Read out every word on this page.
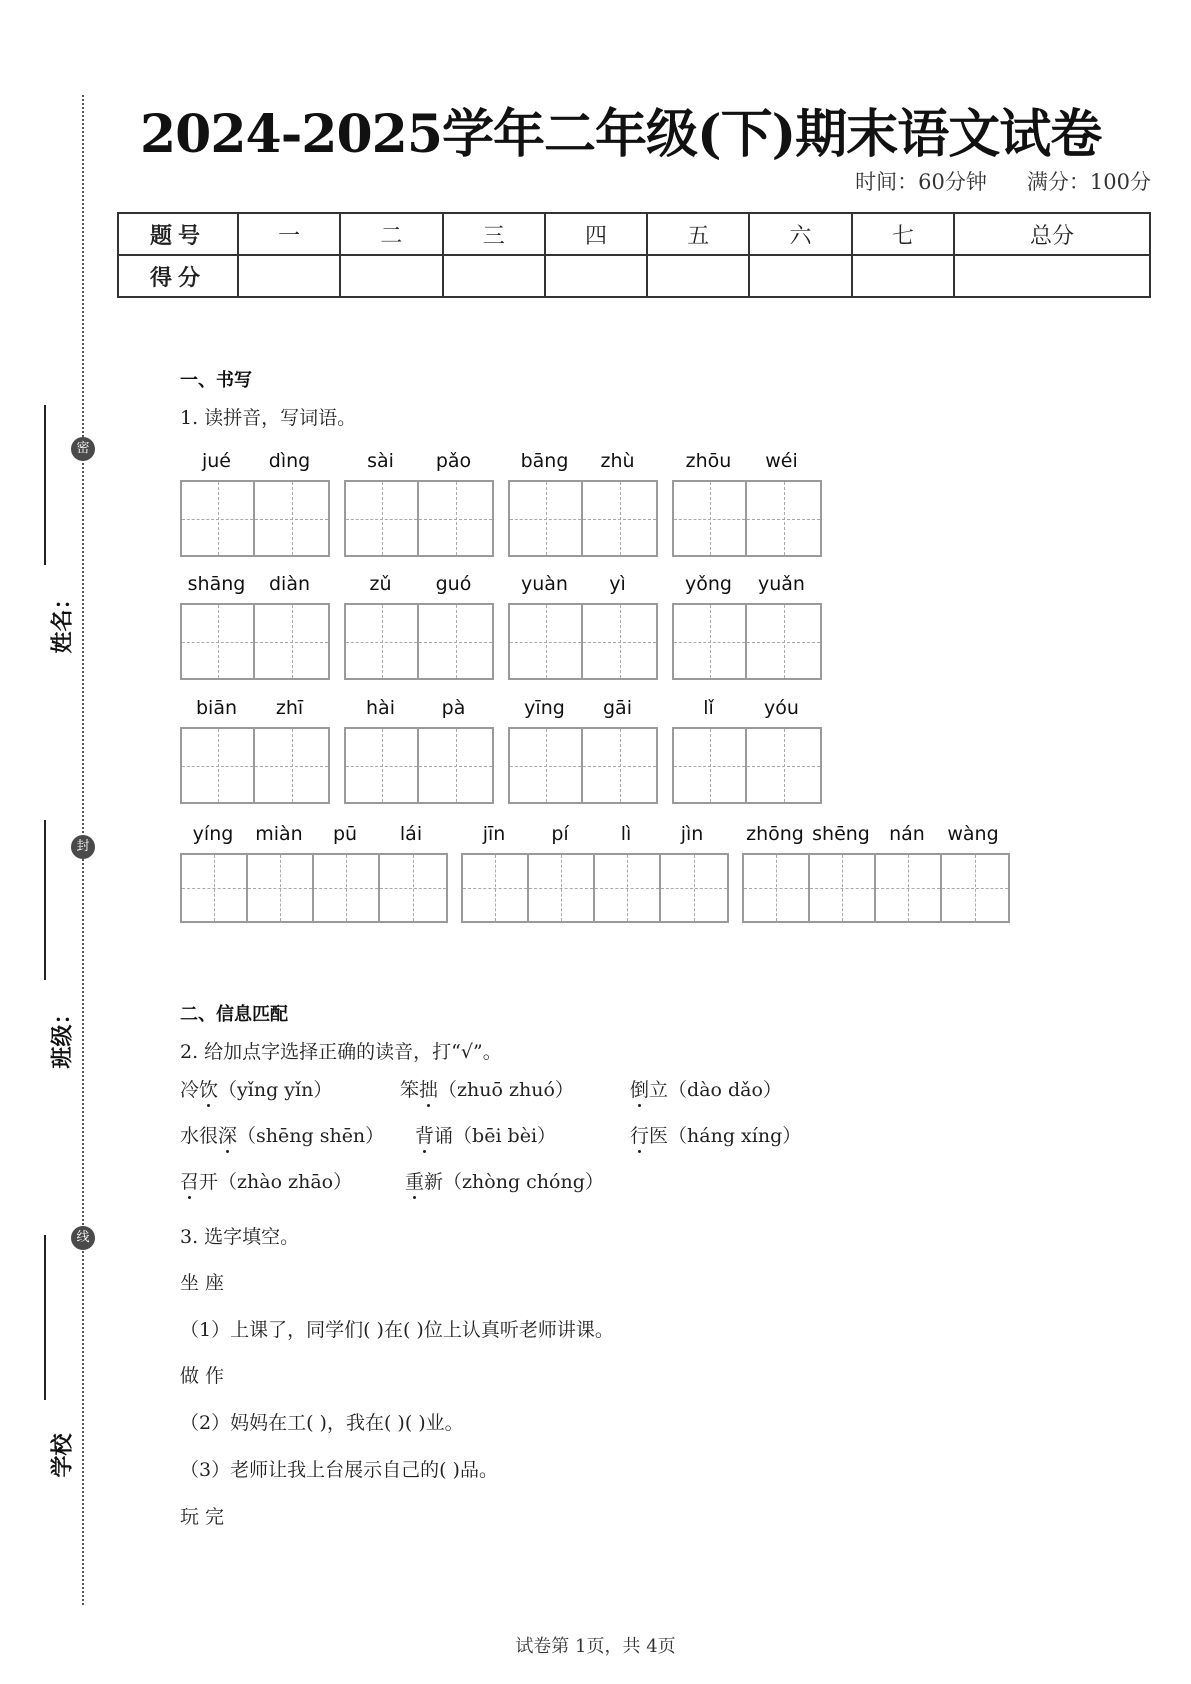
密
封
线
姓名：
班级：
学校
2024-2025学年二年级(下)期末语文试卷
时间：60分钟 满分：100分
题号	一	二	三	四	五	六	七	总分
得分								
一、书写
1. 读拼音，写词语。
jué	dìng	sài	pǎo	bāng	zhù	zhōu	wéi
shāng	diàn	zǔ	guó	yuàn	yì	yǒng	yuǎn
biān	zhī	hài	pà	yīng	gāi	lǐ	yóu
yíng	miàn	pū	lái	jīn	pí	lì	jìn	zhōng shēng	nán	wàng
二、信息匹配
2. 给加点字选择正确的读音，打“√”。
冷饮（yǐng yǐn）	笨拙（zhuō zhuó）	倒立（dào dǎo）
水很深（shēng shēn） 背诵（bēi bèi）	行医（háng xíng）
召开（zhào zhāo）	重新（zhòng chóng）
3. 选字填空。
坐 座
（1）上课了，同学们( )在( )位上认真听老师讲课。
做 作
（2）妈妈在工( )，我在( )( )业。
（3）老师让我上台展示自己的( )品。
玩 完
试卷第 1页，共 4页
